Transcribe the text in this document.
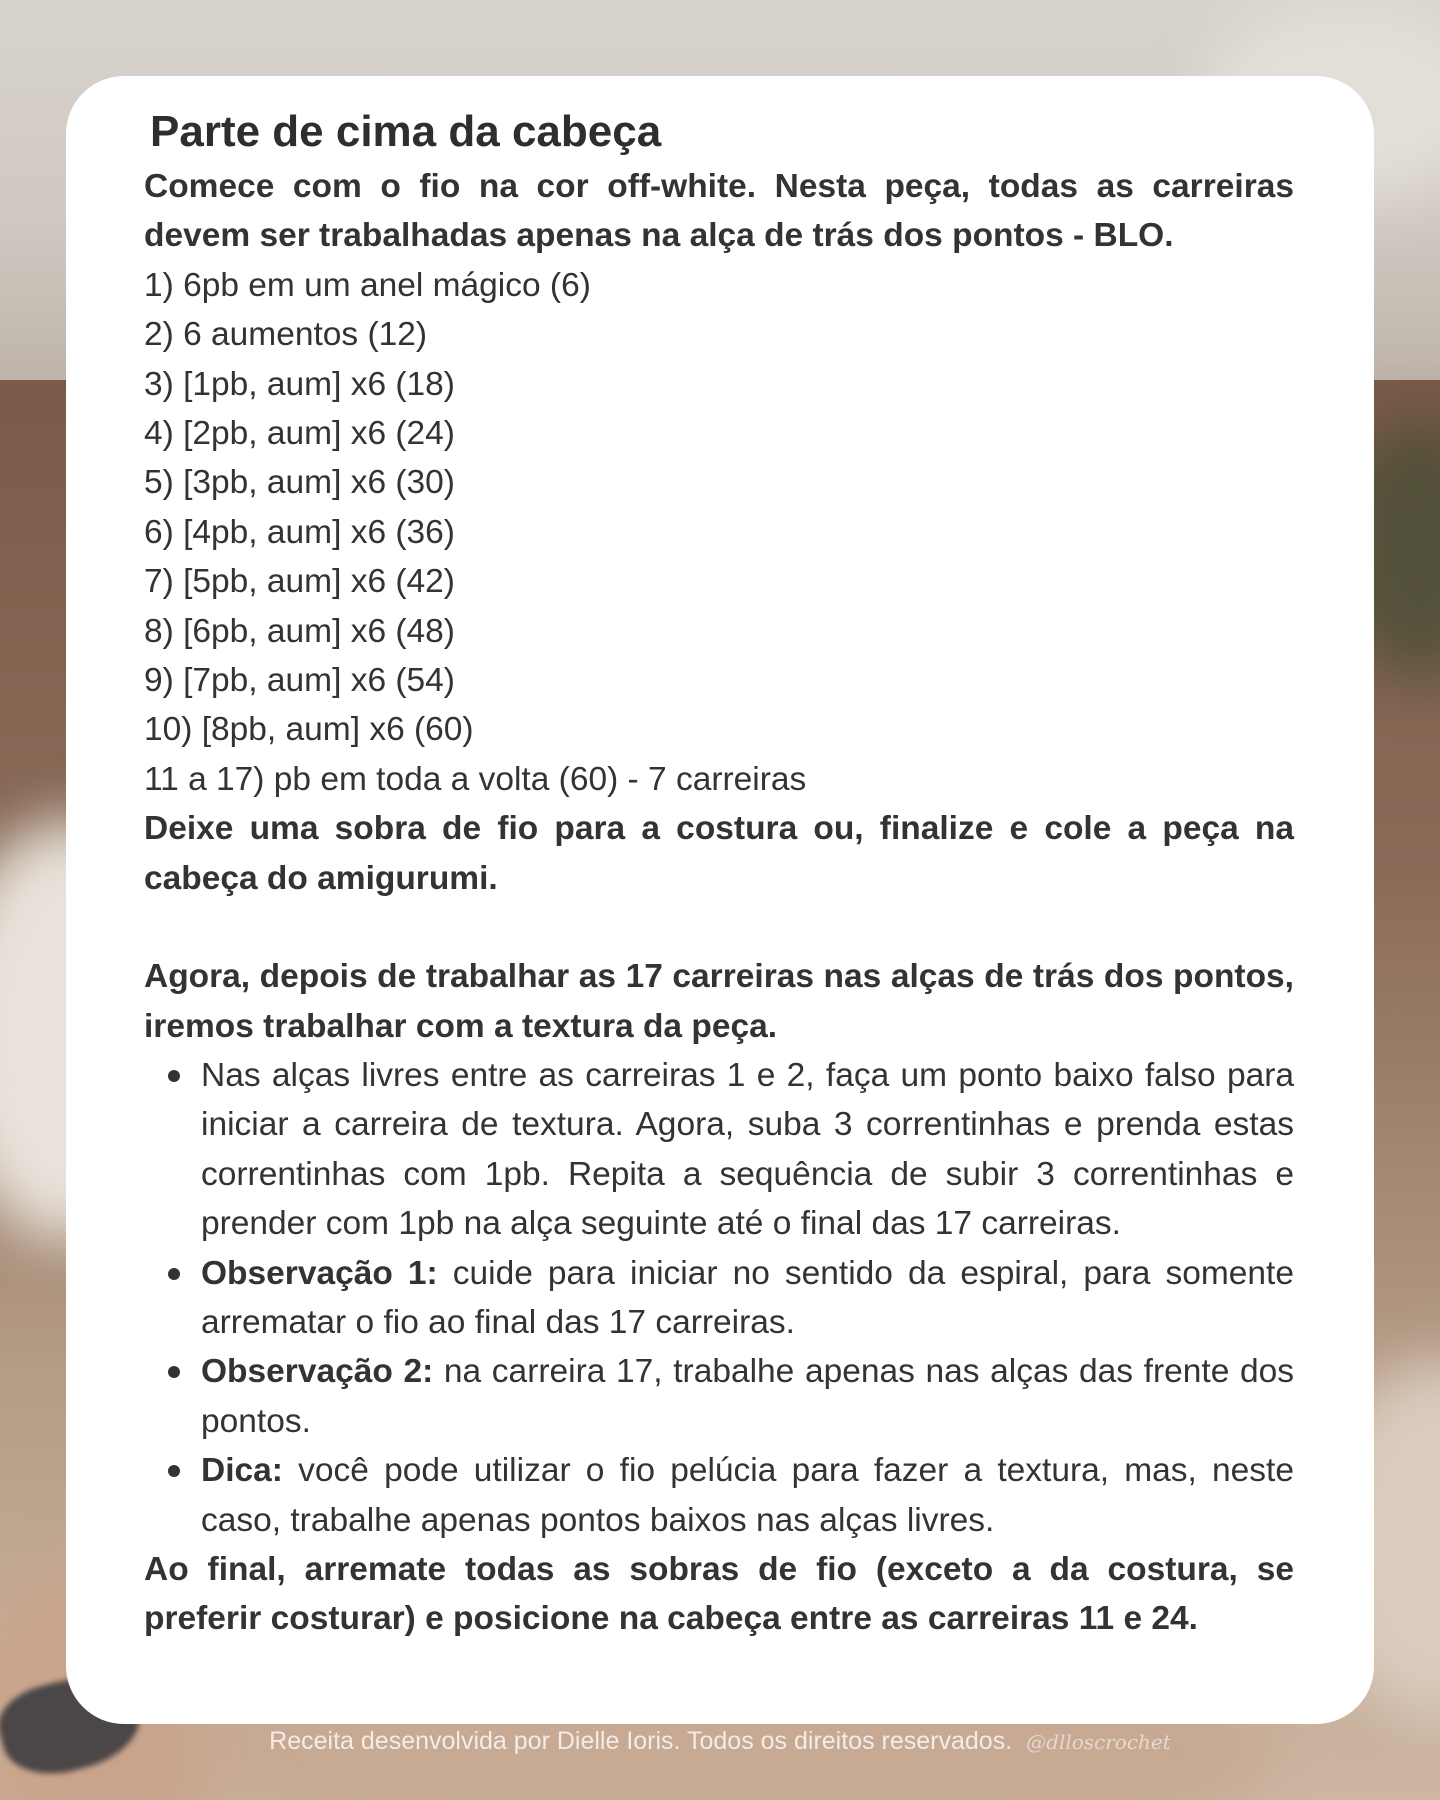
Parte de cima da cabeça

Comece com o fio na cor off-white. Nesta peça, todas as carreiras devem ser trabalhadas apenas na alça de trás dos pontos - BLO.

1) 6pb em um anel mágico (6)
2) 6 aumentos (12)
3) [1pb, aum] x6 (18)
4) [2pb, aum] x6 (24)
5) [3pb, aum] x6 (30)
6) [4pb, aum] x6 (36)
7) [5pb, aum] x6 (42)
8) [6pb, aum] x6 (48)
9) [7pb, aum] x6 (54)
10) [8pb, aum] x6 (60)
11 a 17) pb em toda a volta (60) - 7 carreiras

Deixe uma sobra de fio para a costura ou, finalize e cole a peça na cabeça do amigurumi.

Agora, depois de trabalhar as 17 carreiras nas alças de trás dos pontos, iremos trabalhar com a textura da peça.

Nas alças livres entre as carreiras 1 e 2, faça um ponto baixo falso para iniciar a carreira de textura. Agora, suba 3 correntinhas e prenda estas correntinhas com 1pb. Repita a sequência de subir 3 correntinhas e prender com 1pb na alça seguinte até o final das 17 carreiras.
Observação 1: cuide para iniciar no sentido da espiral, para somente arrematar o fio ao final das 17 carreiras.
Observação 2: na carreira 17, trabalhe apenas nas alças das frente dos pontos.
Dica: você pode utilizar o fio pelúcia para fazer a textura, mas, neste caso, trabalhe apenas pontos baixos nas alças livres.

Ao final, arremate todas as sobras de fio (exceto a da costura, se preferir costurar) e posicione na cabeça entre as carreiras 11 e 24.

Receita desenvolvida por Dielle Ioris. Todos os direitos reservados. @dlloscrochet
